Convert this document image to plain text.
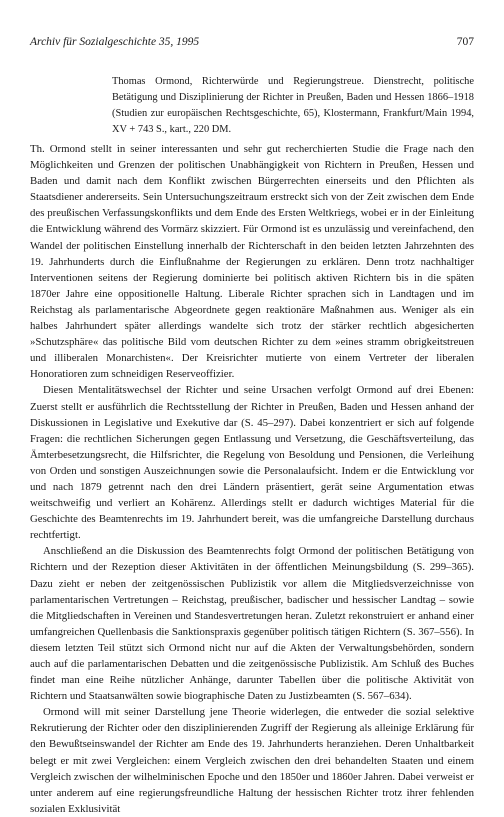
Archiv für Sozialgeschichte 35, 1995	707
Thomas Ormond, Richterwürde und Regierungstreue. Dienstrecht, politische Betätigung und Disziplinierung der Richter in Preußen, Baden und Hessen 1866–1918 (Studien zur europäischen Rechtsgeschichte, 65), Klostermann, Frankfurt/Main 1994, XV + 743 S., kart., 220 DM.

Th. Ormond stellt in seiner interessanten und sehr gut recherchierten Studie die Frage nach den Möglichkeiten und Grenzen der politischen Unabhängigkeit von Richtern in Preußen, Hessen und Baden und damit nach dem Konflikt zwischen Bürgerrechten einerseits und den Pflichten als Staatsdiener andererseits. Sein Untersuchungszeitraum erstreckt sich von der Zeit zwischen dem Ende des preußischen Verfassungskonflikts und dem Ende des Ersten Weltkriegs, wobei er in der Einleitung die Entwicklung während des Vormärz skizziert. Für Ormond ist es unzulässig und vereinfachend, den Wandel der politischen Einstellung innerhalb der Richterschaft in den beiden letzten Jahrzehnten des 19. Jahrhunderts durch die Einflußnahme der Regierungen zu erklären. Denn trotz nachhaltiger Interventionen seitens der Regierung dominierte bei politisch aktiven Richtern bis in die späten 1870er Jahre eine oppositionelle Haltung. Liberale Richter sprachen sich in Landtagen und im Reichstag als parlamentarische Abgeordnete gegen reaktionäre Maßnahmen aus. Weniger als ein halbes Jahrhundert später allerdings wandelte sich trotz der stärker rechtlich abgesicherten »Schutzsphäre« das politische Bild vom deutschen Richter zu dem »eines stramm obrigkeitstreuen und illiberalen Monarchisten«. Der Kreisrichter mutierte von einem Vertreter der liberalen Honoratioren zum schneidigen Reserveoffizier.

Diesen Mentalitätswechsel der Richter und seine Ursachen verfolgt Ormond auf drei Ebenen: Zuerst stellt er ausführlich die Rechtsstellung der Richter in Preußen, Baden und Hessen anhand der Diskussionen in Legislative und Exekutive dar (S. 45–297). Dabei konzentriert er sich auf folgende Fragen: die rechtlichen Sicherungen gegen Entlassung und Versetzung, die Geschäftsverteilung, das Ämterbesetzungsrecht, die Hilfsrichter, die Regelung von Besoldung und Pensionen, die Verleihung von Orden und sonstigen Auszeichnungen sowie die Personalaufsicht. Indem er die Entwicklung vor und nach 1879 getrennt nach den drei Ländern präsentiert, gerät seine Argumentation etwas weitschweifig und verliert an Kohärenz. Allerdings stellt er dadurch wichtiges Material für die Geschichte des Beamtenrechts im 19. Jahrhundert bereit, was die umfangreiche Darstellung durchaus rechtfertigt.

Anschließend an die Diskussion des Beamtenrechts folgt Ormond der politischen Betätigung von Richtern und der Rezeption dieser Aktivitäten in der öffentlichen Meinungsbildung (S. 299–365). Dazu zieht er neben der zeitgenössischen Publizistik vor allem die Mitgliedsverzeichnisse von parlamentarischen Vertretungen – Reichstag, preußischer, badischer und hessischer Landtag – sowie die Mitgliedschaften in Vereinen und Standesvertretungen heran. Zuletzt rekonstruiert er anhand einer umfangreichen Quellenbasis die Sanktionspraxis gegenüber politisch tätigen Richtern (S. 367–556). In diesem letzten Teil stützt sich Ormond nicht nur auf die Akten der Verwaltungsbehörden, sondern auch auf die parlamentarischen Debatten und die zeitgenössische Publizistik. Am Schluß des Buches findet man eine Reihe nützlicher Anhänge, darunter Tabellen über die politische Aktivität von Richtern und Staatsanwälten sowie biographische Daten zu Justizbeamten (S. 567–634).

Ormond will mit seiner Darstellung jene Theorie widerlegen, die entweder die sozial selektive Rekrutierung der Richter oder den disziplinierenden Zugriff der Regierung als alleinige Erklärung für den Bewußtseinswandel der Richter am Ende des 19. Jahrhunderts heranziehen. Deren Unhaltbarkeit belegt er mit zwei Vergleichen: einem Vergleich zwischen den drei behandelten Staaten und einem Vergleich zwischen der wilhelminischen Epoche und den 1850er und 1860er Jahren. Dabei verweist er unter anderem auf eine regierungsfreundliche Haltung der hessischen Richter trotz ihrer fehlenden sozialen Exklusivität
